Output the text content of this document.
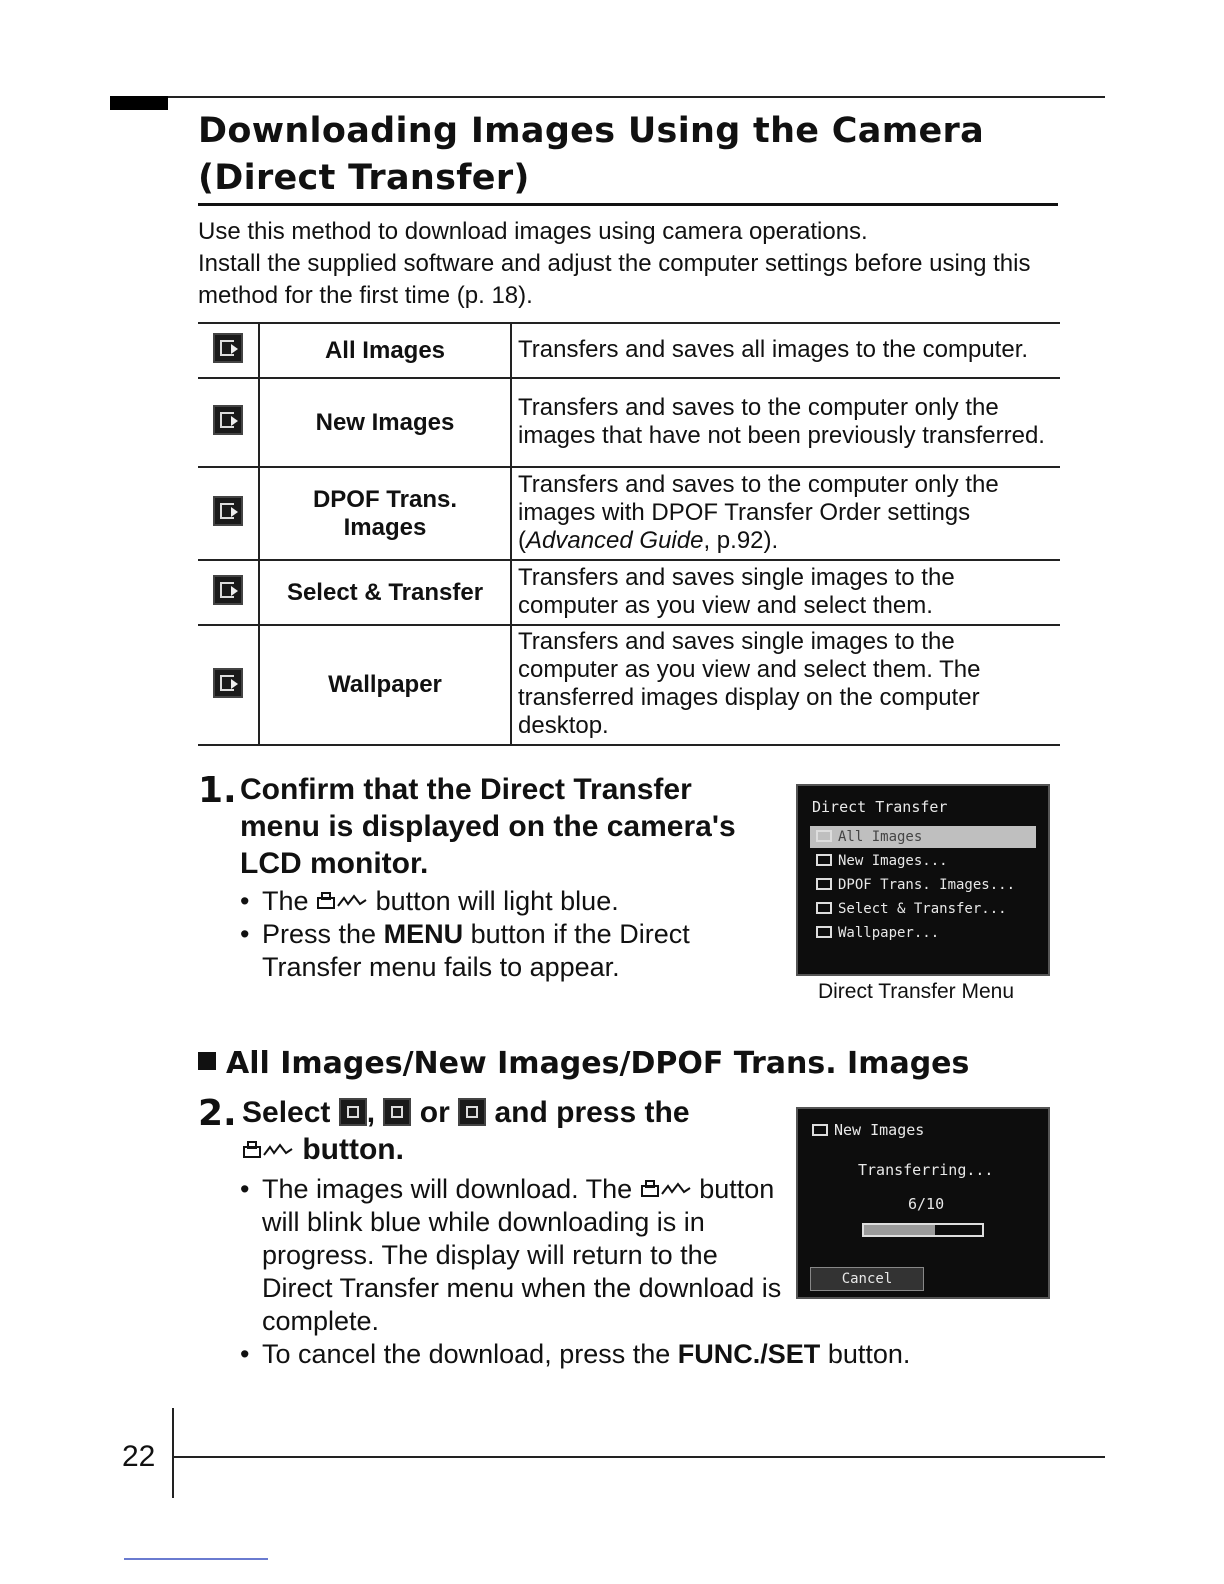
Downloading Images Using the Camera
(Direct Transfer)

Use this method to download images using camera operations.

Install the supplied software and adjust the computer settings before using this method for the first time (p. 18).

	All Images	Transfers and saves all images to the computer.
	New Images	Transfers and saves to the computer only the images that have not been previously transferred.
	DPOF Trans.
Images	Transfers and saves to the computer only the images with DPOF Transfer Order settings (Advanced Guide, p.92).
	Select & Transfer	Transfers and saves single images to the computer as you view and select them.
	Wallpaper	Transfers and saves single images to the computer as you view and select them. The transferred images display on the computer desktop.
1. Confirm that the Direct Transfer menu is displayed on the camera's LCD monitor.
• The button will light blue.
• Press the MENU button if the Direct Transfer menu fails to appear.
Direct Transfer
All Images
New Images...
DPOF Trans. Images...
Select & Transfer...
Wallpaper...
Direct Transfer Menu
All Images/New Images/DPOF Trans. Images
2. Select , or and press the

button.
• The images will download. The button will blink blue while downloading is in progress. The display will return to the Direct Transfer menu when the download is complete.
• To cancel the download, press the FUNC./SET button.
New Images
Transferring...
6/10
Cancel
22
